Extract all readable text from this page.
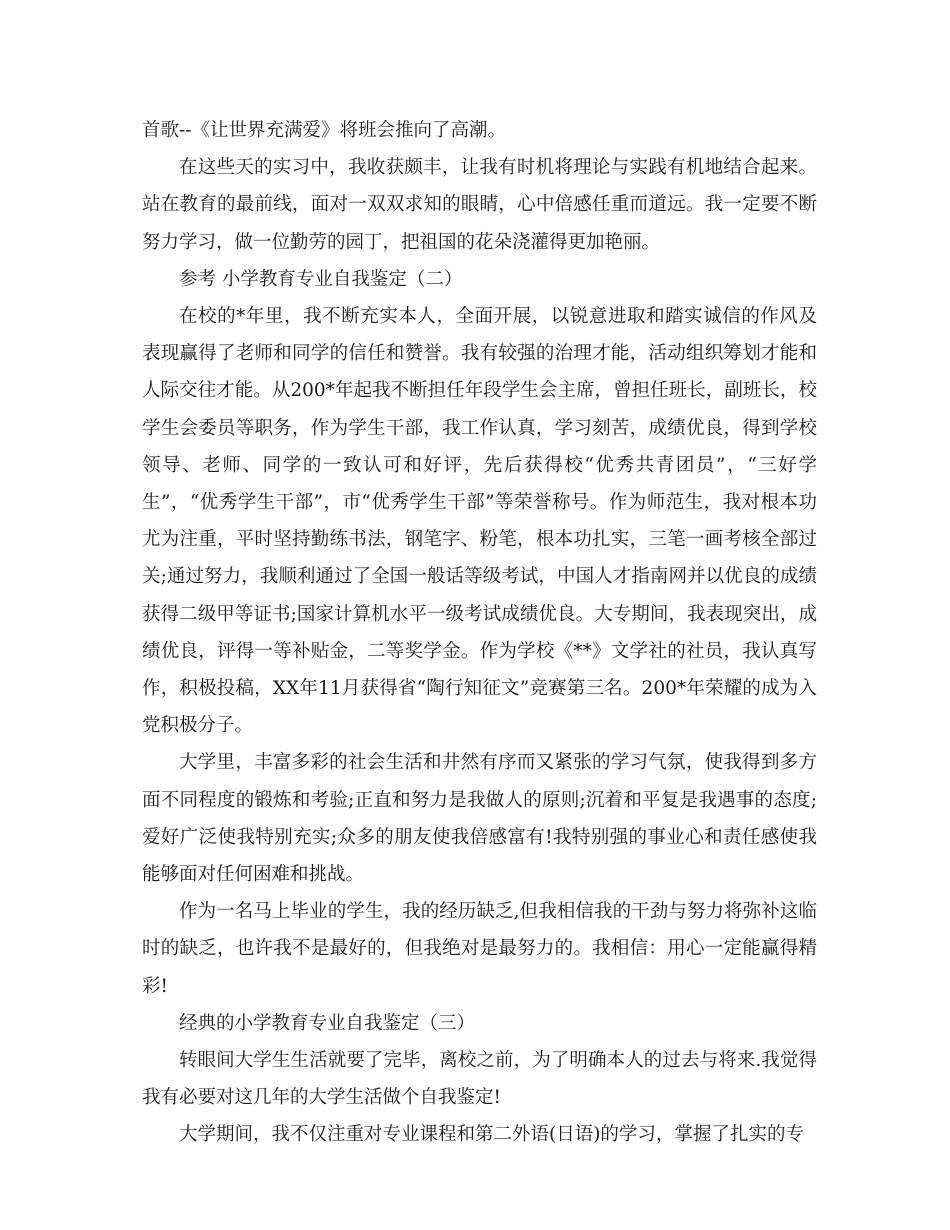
首歌--《让世界充满爱》将班会推向了高潮。

在这些天的实习中，我收获颇丰，让我有时机将理论与实践有机地结合起来。站在教育的最前线，面对一双双求知的眼睛，心中倍感任重而道远。我一定要不断努力学习，做一位勤劳的园丁，把祖国的花朵浇灌得更加艳丽。

参考 小学教育专业自我鉴定（二）

在校的*年里，我不断充实本人，全面开展，以锐意进取和踏实诚信的作风及表现赢得了老师和同学的信任和赞誉。我有较强的治理才能，活动组织筹划才能和人际交往才能。从200*年起我不断担任年段学生会主席，曾担任班长，副班长，校学生会委员等职务，作为学生干部，我工作认真，学习刻苦，成绩优良，得到学校领导、老师、同学的一致认可和好评，先后获得校“优秀共青团员”，“三好学生”，“优秀学生干部”，市“优秀学生干部”等荣誉称号。作为师范生，我对根本功尤为注重，平时坚持勤练书法，钢笔字、粉笔，根本功扎实，三笔一画考核全部过关;通过努力，我顺利通过了全国一般话等级考试，中国人才指南网并以优良的成绩获得二级甲等证书;国家计算机水平一级考试成绩优良。大专期间，我表现突出，成绩优良，评得一等补贴金，二等奖学金。作为学校《**》文学社的社员，我认真写作，积极投稿，XX年11月获得省“陶行知征文”竞赛第三名。200*年荣耀的成为入党积极分子。

大学里，丰富多彩的社会生活和井然有序而又紧张的学习气氛，使我得到多方面不同程度的锻炼和考验;正直和努力是我做人的原则;沉着和平复是我遇事的态度;爱好广泛使我特别充实;众多的朋友使我倍感富有!我特别强的事业心和责任感使我能够面对任何困难和挑战。

作为一名马上毕业的学生，我的经历缺乏,但我相信我的干劲与努力将弥补这临时的缺乏，也许我不是最好的，但我绝对是最努力的。我相信：用心一定能赢得精彩!

经典的小学教育专业自我鉴定（三）

转眼间大学生生活就要了完毕，离校之前，为了明确本人的过去与将来.我觉得我有必要对这几年的大学生活做个自我鉴定!

大学期间，我不仅注重对专业课程和第二外语(日语)的学习，掌握了扎实的专
